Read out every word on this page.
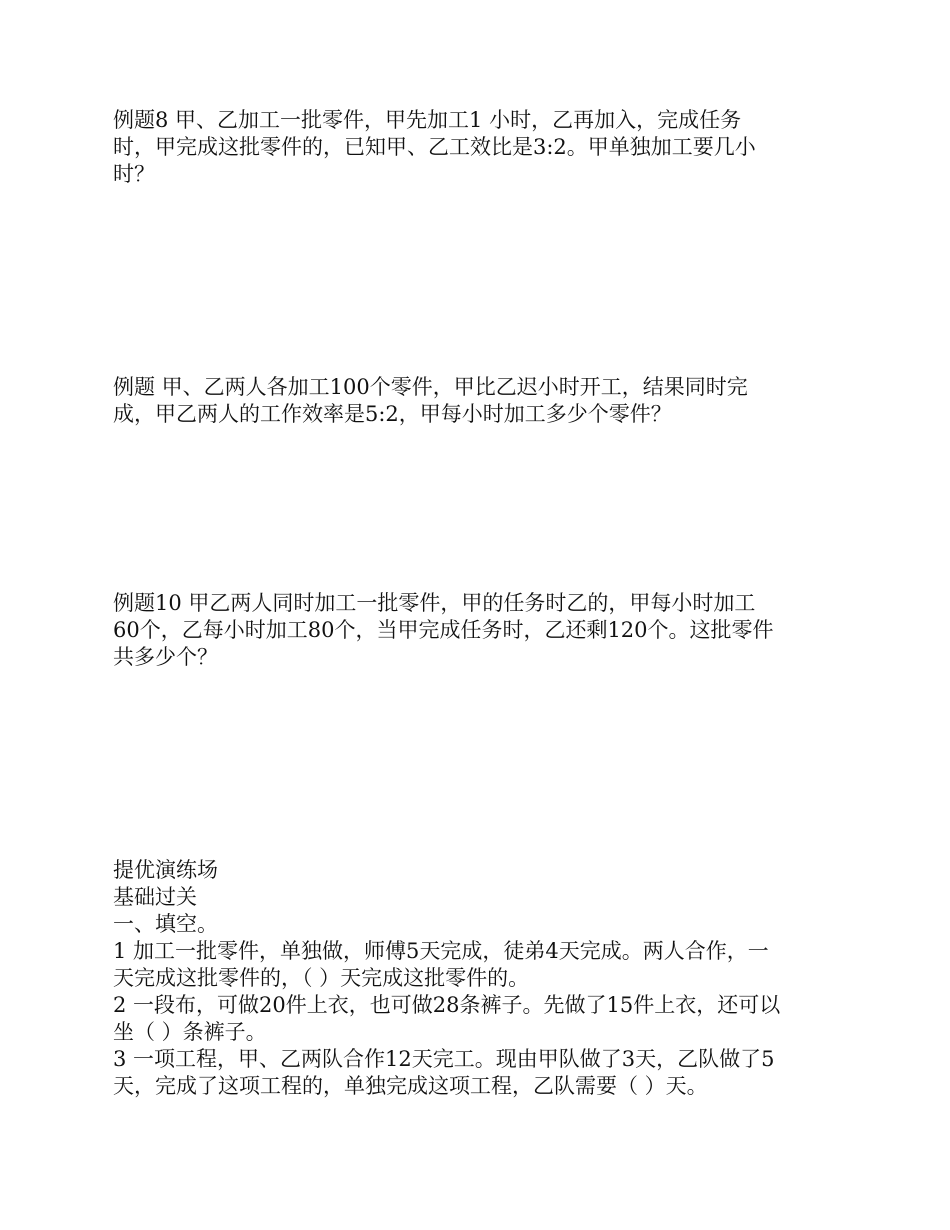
例题8 甲、乙加工一批零件，甲先加工1 小时，乙再加入，完成任务
时，甲完成这批零件的，已知甲、乙工效比是3:2。甲单独加工要几小
时？
例题 甲、乙两人各加工100个零件，甲比乙迟小时开工，结果同时完
成，甲乙两人的工作效率是5:2，甲每小时加工多少个零件？
例题10 甲乙两人同时加工一批零件，甲的任务时乙的，甲每小时加工
60个，乙每小时加工80个，当甲完成任务时，乙还剩120个。这批零件
共多少个？
提优演练场
基础过关
一、填空。
1 加工一批零件，单独做，师傅5天完成，徒弟4天完成。两人合作，一
天完成这批零件的，（ ）天完成这批零件的。
2 一段布，可做20件上衣，也可做28条裤子。先做了15件上衣，还可以
坐（ ）条裤子。
3 一项工程，甲、乙两队合作12天完工。现由甲队做了3天，乙队做了5
天，完成了这项工程的，单独完成这项工程，乙队需要（ ）天。
